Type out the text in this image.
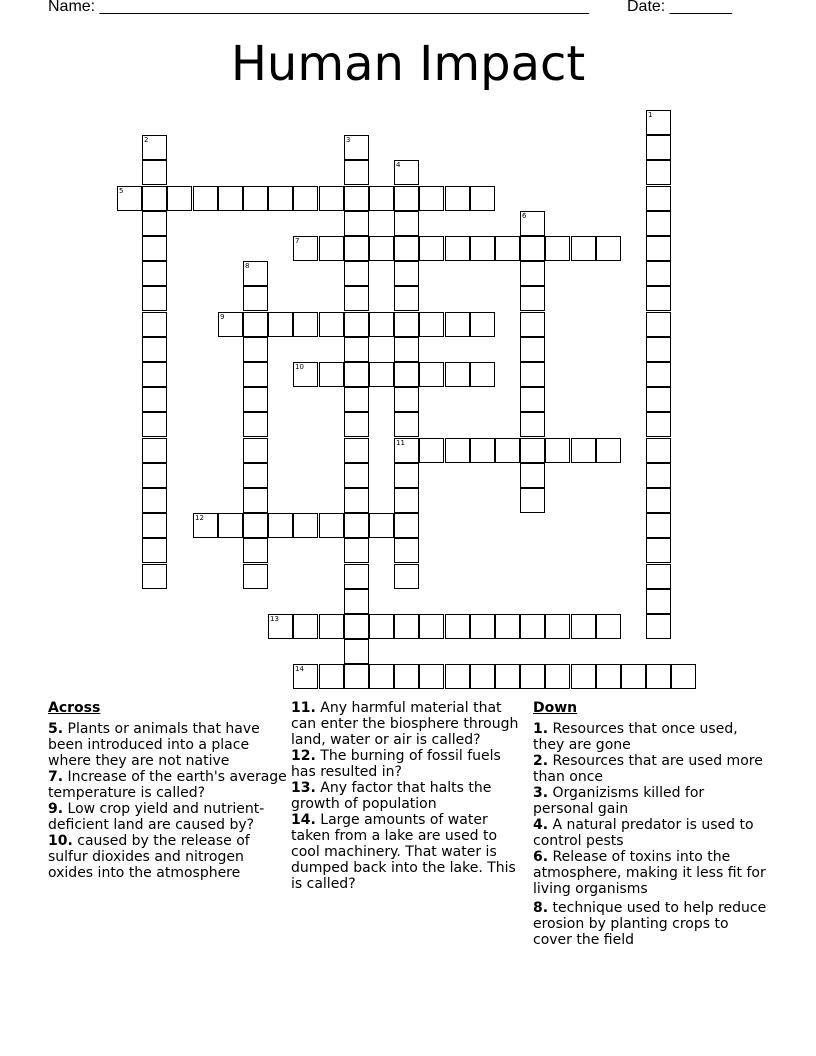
Name: _______________________________________________________ Date: _______
Human Impact
1
2	3
4
11
5
6
7
8
9
10
12
13
14
Across

5. Plants or animals that have been introduced into a place where they are not native

7. Increase of the earth's average temperature is called?

9. Low crop yield and nutrient-deficient land are caused by?

10. caused by the release of sulfur dioxides and nitrogen oxides into the atmosphere

11. Any harmful material that can enter the biosphere through land, water or air is called?

12. The burning of fossil fuels has resulted in?

13. Any factor that halts the growth of population

14. Large amounts of water taken from a lake are used to cool machinery. That water is dumped back into the lake. This is called?

Down

1. Resources that once used, they are gone

2. Resources that are used more than once

3. Organizisms killed for personal gain

4. A natural predator is used to control pests

6. Release of toxins into the atmosphere, making it less fit for living organisms

8. technique used to help reduce erosion by planting crops to cover the field
